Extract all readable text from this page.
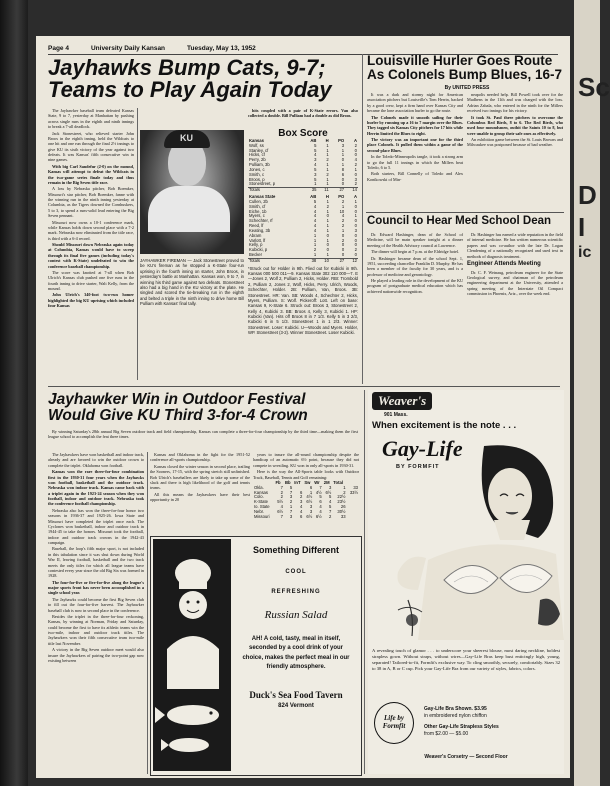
Sc
D
I
ic
Page 4	University Daily Kansan	Tuesday, May 13, 1952
Jayhawks Bump Cats, 9-7;
Teams to Play Again Today

The Jayhawker baseball team defeated Kansas State, 9 to 7, yesterday at Manhattan by pushing across single runs in the eighth and ninth innings to break a 7-all deadlock.

Jack Stonestreet, who relieved starter John Broos in the eighth inning, held the Wildcats to one hit and one run through the final 2½ innings to give KU its sixth victory of the year against two defeats. It was Kansas' fifth consecutive win in nine games.

With big Carl Sandefur (2-0) on the mound, Kansas will attempt to defeat the Wildcats in the two-game series finale today and thus remain in the Big Seven title race.

A loss by Nebraska pitcher, Bob Boemker, Missouri's star pitcher, Bob Boemker, fanne with the winning run in the ninth inning yesterday at Columbia, as the Tigers downed the Cornhuskers, 5 to 3, to spend a runs-solid lead entering the Big Seven pennant.

Missouri now owns a 10-1 conference mark, while Kansas holds down second place with a 7-2 mark. Nebraska now eliminated from the title race, is third with a 6-4 record.

Should Missouri down Nebraska again today at Columbia, Kansas would have to sweep through its final five games (including today's contest with K-State) undefeated to win the conference baseball championship.

The score was knotted at 7-all when Bob Ulrich's Kansas club pushed one five runs in the fourth inning to drive starter, Walt Kelly, from the mound.

John Ulrich's 340-foot two-run homer highlighted the big KU uprising which included four Kansas

KU
JAYHAWKER FIREMAN — Jack Stonestreet proved to be KU's fireman as he stopped a K-State four-run uprising in the fourth inning on starter, John Broos, in yesterday's battle at Manhattan. Kansas won, 9 to 7, in winning his third game against two defeats. Stonestreet also had a big hand in the KU victory at the plate. He singled and scored the tie-breaking run in the eighth and belted a triple in the ninth inning to drive home Bill Pulliam with Kansas' final tally.

hits coupled with a pair of K-State errors. Van also collected a double. Bill Pulliam had a double as did Broos.

Box Score
Kansas	AB	H	PO	A
Wolf, ss	5	1	3	2
Stanley, cf	5	1	1	0
Hicks, cf	4	1	1	0
Perry, 2b	3	2	0	4
Pulliam, 3b	4	1	1	2
Jones, c	5	1	8	1
Smith, c	3	2	6	0
Broos, p	5	1	0	3
Stonestreet, p	1	1	0	2
Totals	35	11	27	14
Kansas State	AB	H	PO	A
Cullen, 2b	5	1	2	1
Smith, cf	4	2	1	0
Eiche, 1b	4	1	10	0
Myers, c	4	0	4	1
Schechter, rf	4	1	2	0
Reed, lf	4	1	2	0
Keating, 3b	4	1	1	3
Abram	1	0	0	0
Varlott, lf	1	1	2	0
Kelly, p	1	0	0	0
Kubicki, p	2	0	0	2
Becker	1	1	0	0
Totals	38	10	27	12
*Struck out for Holder in 9th. Flied out for Kubicki in 9th. Kansas 000 500 011—9. Kansas State 302 110 000—7. E—Jones 2, Wolf 2, Pulliam 2, Hicks, Holder. RBI: Trombold 2, Pulliam 2, Jones 2, Wolf, Hicks, Perry. Ulrich, Woods, Schechter, Holder. 2B: Pulliam, Van, Broos. 3B: Stonestreet. HR: Van. SB: Woods 4, Schechter 2, Hicks, Myers, Pulliam. S: Wolf. Pickeroff: Lott. Left on base: Kansas 9, K-State 6. Struck out: Broos 3, Stonestreet 2, Kelly 4, Kubicki 3. BB: Broos 4, Kelly 3, Kubicki 1. HP: Kubicki (Van). Hits off Broos 8 in 7 1/3. Kelly 5 in 3 2/3, Kubicki 6 in 5 1/3. Stonestreet 1 in 1 2/3. Winner: Stonestreet. Loser: Kubicki. U—Woods and Myers. Holder, WP. Stonestreet (3-2). Winner Stonestreet. Loser Kubicki.
Louisville Hurler Goes Route
As Colonels Bump Blues, 16-7
By UNITED PRESS

It was a dark and stormy night for American association pitchers but Louisville's Tom Herrin, backed by a good crew, kept a firm hand over Kansas City and became the lone association hurler to go the route.

The Colonels made it smooth sailing for their hurler by running up a 16 to 7 margin over the Blues. They tagged six Kansas City pitchers for 17 hits while Herrin limited the Blues to eight.

The victory was an important one for the third place Colonels. It pulled them within a game of the second-place Blues.

In the Toledo-Minneapolis tangle, it took a strong arm to go the full 11 innings in which the Millers beat Toledo, 6 to 5.

Both starters, Bill Connelly of Toledo and Alex Konikowski of Min-

neapolis needed help. Bill Powell took over for the Mudhens in the 11th and was charged with the loss. Adrian Zabala, who entered in the ninth for the Millers received two innings for his victory.

It took St. Paul three pitchers to overcome the Columbus Red Birds, 8 to 6. The Red Birds, who used four moundsmen, outhit the Saints 10 to 8, but were unable to group their safe ones as effectively.

An exhibition game between the St. Louis Browns and Milwaukee was postponed because of bad weather.

Council to Hear Med School Dean

Dr. Edward Hashinger, dean of the School of Medicine, will be main speaker tonight at a dinner meeting of the Health Advisory council at Lawrence.

The dinner will begin at 7 p.m. at the Eldridge hotel.

Dr. Hashinger became dean of the school Sept. 1, 1951, succeeding chancellor Franklin D. Murphy. He has been a member of the faculty for 30 years, and is a professor of medicine and gerontology.

He played a leading role in the development of the KU program of postgraduate medical education which has achieved nationwide recognition.

Dr. Hashinger has earned a wide reputation in the field of internal medicine. He has written numerous scientific papers and was co-author with the late Dr. Logan Clendening of a nationally recognized and used text in methods of diagnosis treatment.

Engineer Attends Meeting

Dr. C. F. Weinaug, petroleum engineer for the State Geological survey, and chairman of the petroleum engineering department at the University, attended a spring meeting of the Interstate Oil Compact commission in Phoenix, Ariz., over the week end.

Jayhawker Win in Outdoor Festival
Would Give KU Third 3-for-4 Crown

By winning Saturday's 28th annual Big Seven outdoor track and field championship, Kansas can complete a three-for-four championship by the third time—making them the first league school to accomplish the feat three times.

The Jayhawkers have won basketball and indoor track, already and are favored to win the outdoor crown to complete the triplet. Oklahoma won football.

Kansas won the rare three-for-four combination first in the 1930-31 four years when the Jayhawks won football, basketball and the outdoor track. Nebraska won indoor track. Kansas came back with a triplet again in the 1923-24 season when they won football, indoor and outdoor track. Nebraska took the conference football championship.

Nebraska also has won the three-for-four honor two seasons in 1936-37 and 1925-26. Iowa State and Missouri have completed the triplet once each. The Cyclones won basketball, indoor and outdoor track in 1944-45 to take the honors. Missouri took the football, indoor and outdoor track crowns in the 1942-43 campaign.

Baseball, the loop's fifth major sport, is not included in this tabulation since it was shut down during World War II, leaving football, basketball and the two track meets the only titles for which all league teams have contested every year since the old Big Six was formed in 1928.

The four-for-five or five-for-five along the league's major sports front has never been accomplished in a single school year.

The Jayhawks could become the first Big Seven club to fill out the four-for-five harvest. The Jayhawker baseball club is now in second place in the conference.

Besides the triplet in the three-for-four reckoning, Kansas, by winning at Norman, Friday and Saturday, could become the first to have its athletic teams win the two-mile, indoor and outdoor track titles. The Jayhawkers won their fifth consecutive team two-mile title last November.

A victory in the Big Seven outdoor meet would also insure the Jayhawkers of pairing the two-point gap now existing between

Kansas and Oklahoma in the fight for the 1951-52 conference all-sports championship.

Kansas closed the winter season in second place, trailing the Sooners, 17-15, with the spring stretch still unfinished. Bob Ulrich's baseballers are likely to take up some of the slack and there is high likelihood of the golf and tennis teams.

All this means the Jayhawkers have their best opportunity in 20

years to insure the all-round championship despite the handicap of an automatic 6½ point, because they did not compete in wrestling. KU won in only all-sports in 1930-31.

Here is the way the All-Sports table looks with Outdoor Track, Baseball, Tennis and Golf remaining:

	Fb	Bb	InT	Sw	Wr	2M	Total	
Okla.	7	5		6	7	3	1	33
Kansas	2	7	6	1	4½	6½	2	33½
Colo.	2	3	2	4½	5	5	22½	
K-State	5½	2	3	6½	6	4	23½	
Io. State	4	1	4	3	4	5	26	
Nebr.	6½	7	4	3	4	7	30½	
Missouri	7	3	6	6½	6½	2	33	
Something Different
COOL
REFRESHING
Russian Salad
AH! A cold, tasty, meal in itself, seconded by a cool drink of your choice, makes the perfect meal in our friendly atmosphere.
Duck's Sea Food Tavern
824 Vermont
Weaver's
901 Mass.
When excitement is the note . . .
Gay-Life
BY FORMFIT
A revealing touch of glamor . . . to underscore your sheerest blouse, most daring neckline, boldest strapless gown. Without straps, without wires—Gay-Life Bras keep bust enticingly high, young, separated! Tailored-to-fit, Formfit's exclusive way. To cling smoothly, securely, comfortably. Sizes 32 to 38 in A, B or C cup. Pick your Gay-Life Bra from our variety of styles, fabrics, colors.
Life by Formfit
Gay-Life Bra Shown. $3.95
in embroidered nylon chiffon
Other Gay-Life Strapless Styles
from $2.00 — $5.00
Weaver's Corsetry — Second Floor
